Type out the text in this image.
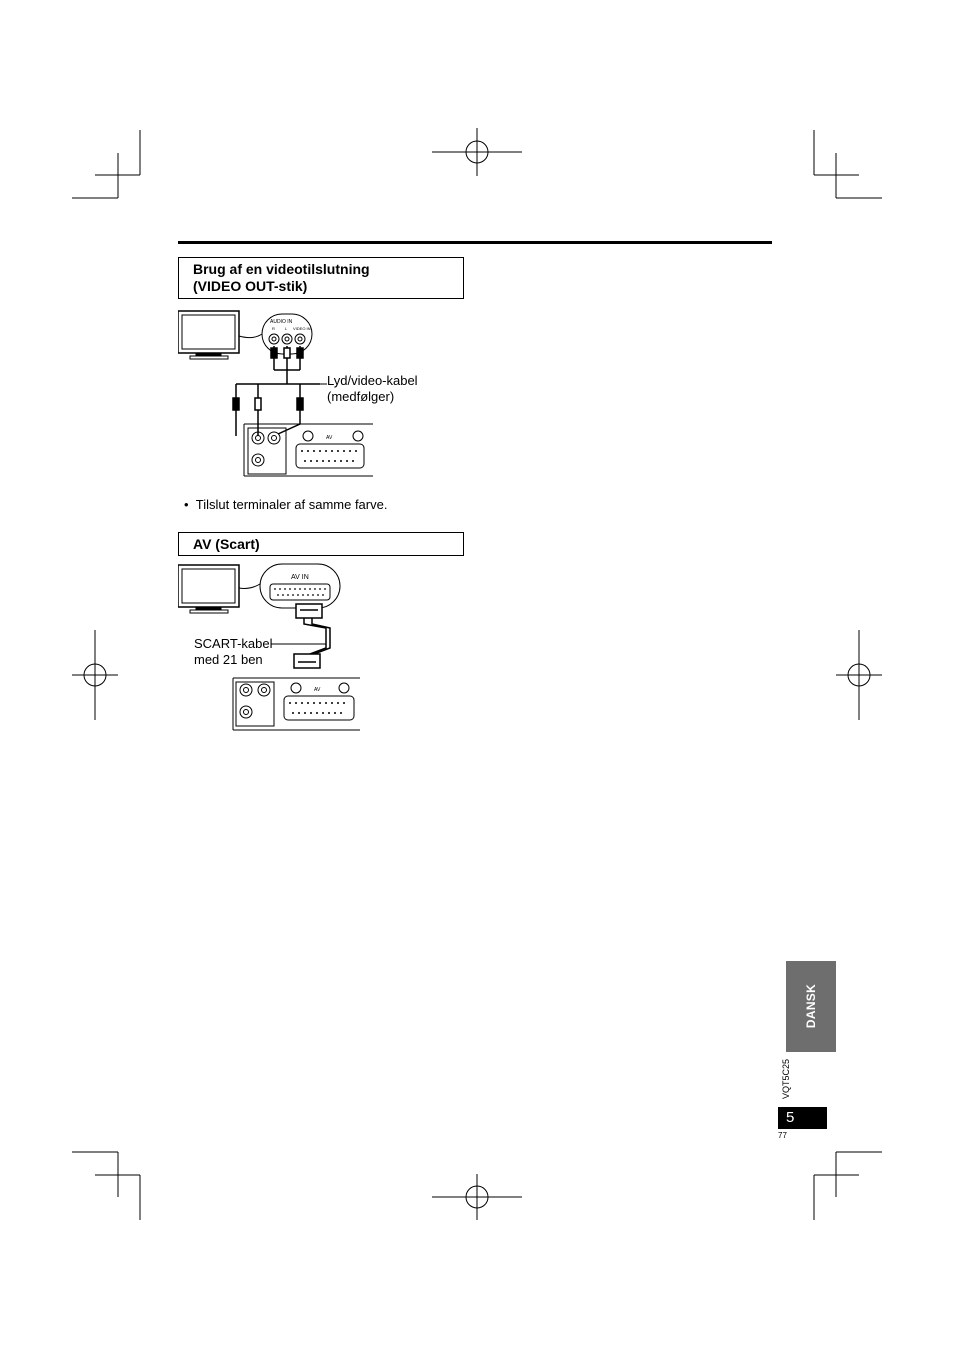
Brug af en videotilslutning
(VIDEO OUT-stik)
AUDIO IN
R	L VIDEO IN
AV
Lyd/video-kabel
(medfølger)
•  Tilslut terminaler af samme farve.
AV (Scart)
AV IN
AV
SCART-kabel
med 21 ben
DANSK
VQT5C25
5
77
